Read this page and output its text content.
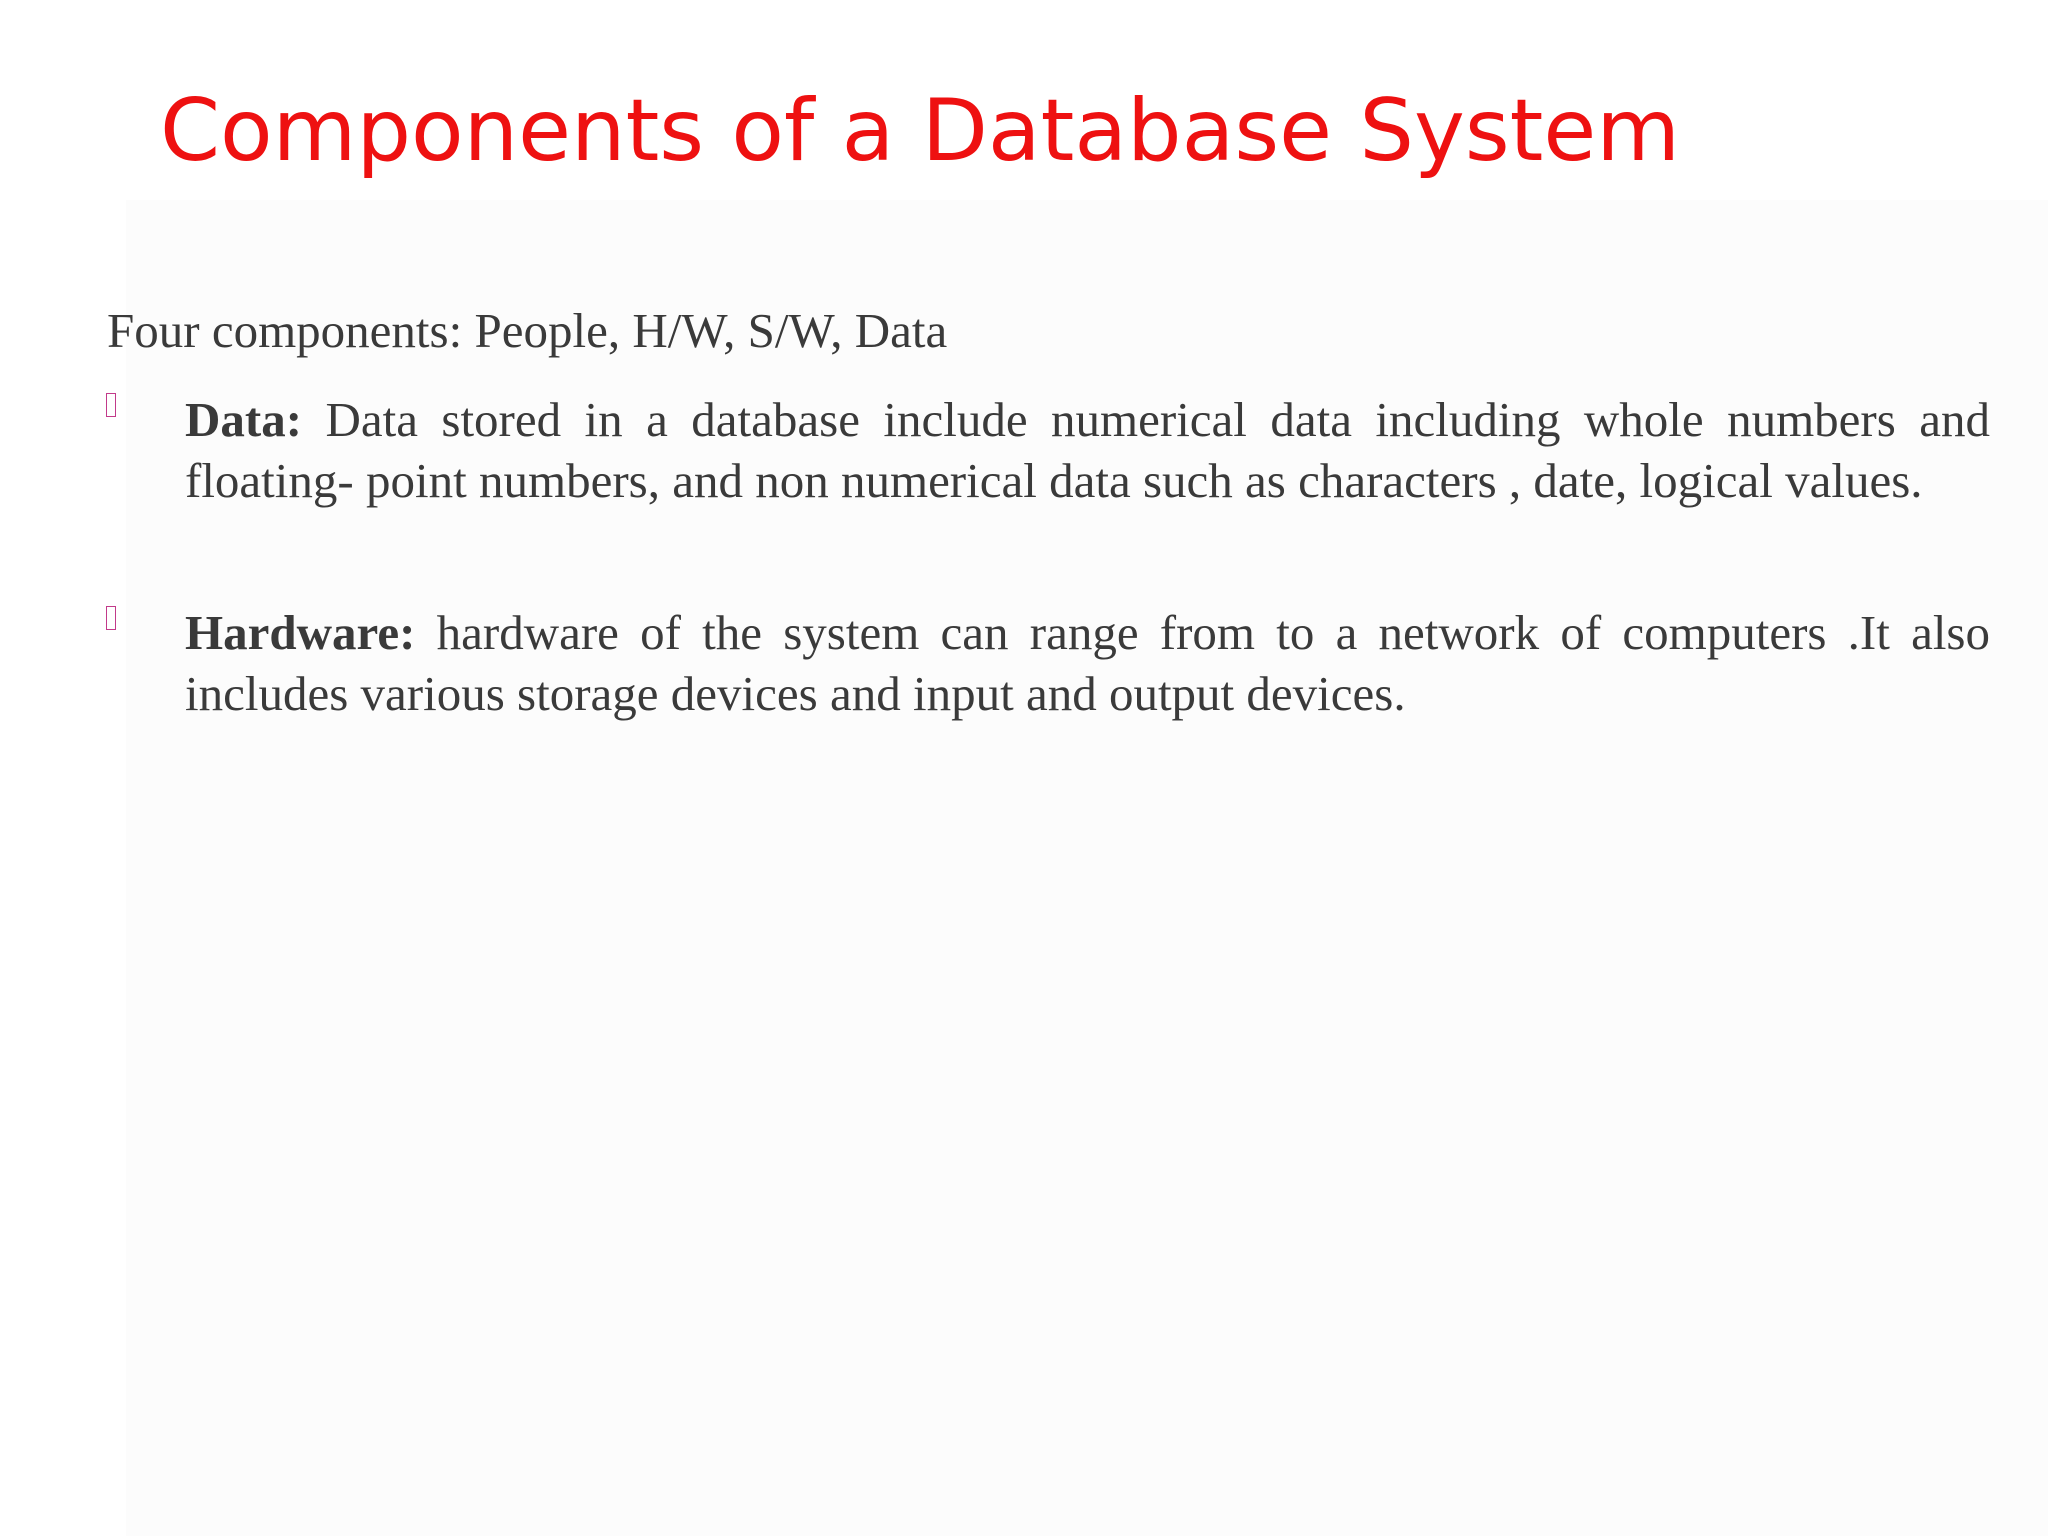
Components of a Database System
Four components: People, H/W, S/W, Data
Data: Data stored in a database include numerical data including whole numbers and floating- point numbers, and non numerical data such as characters , date, logical values.
Hardware: hardware of the system can range from to a network of computers .It also includes various storage devices and input and output devices.
